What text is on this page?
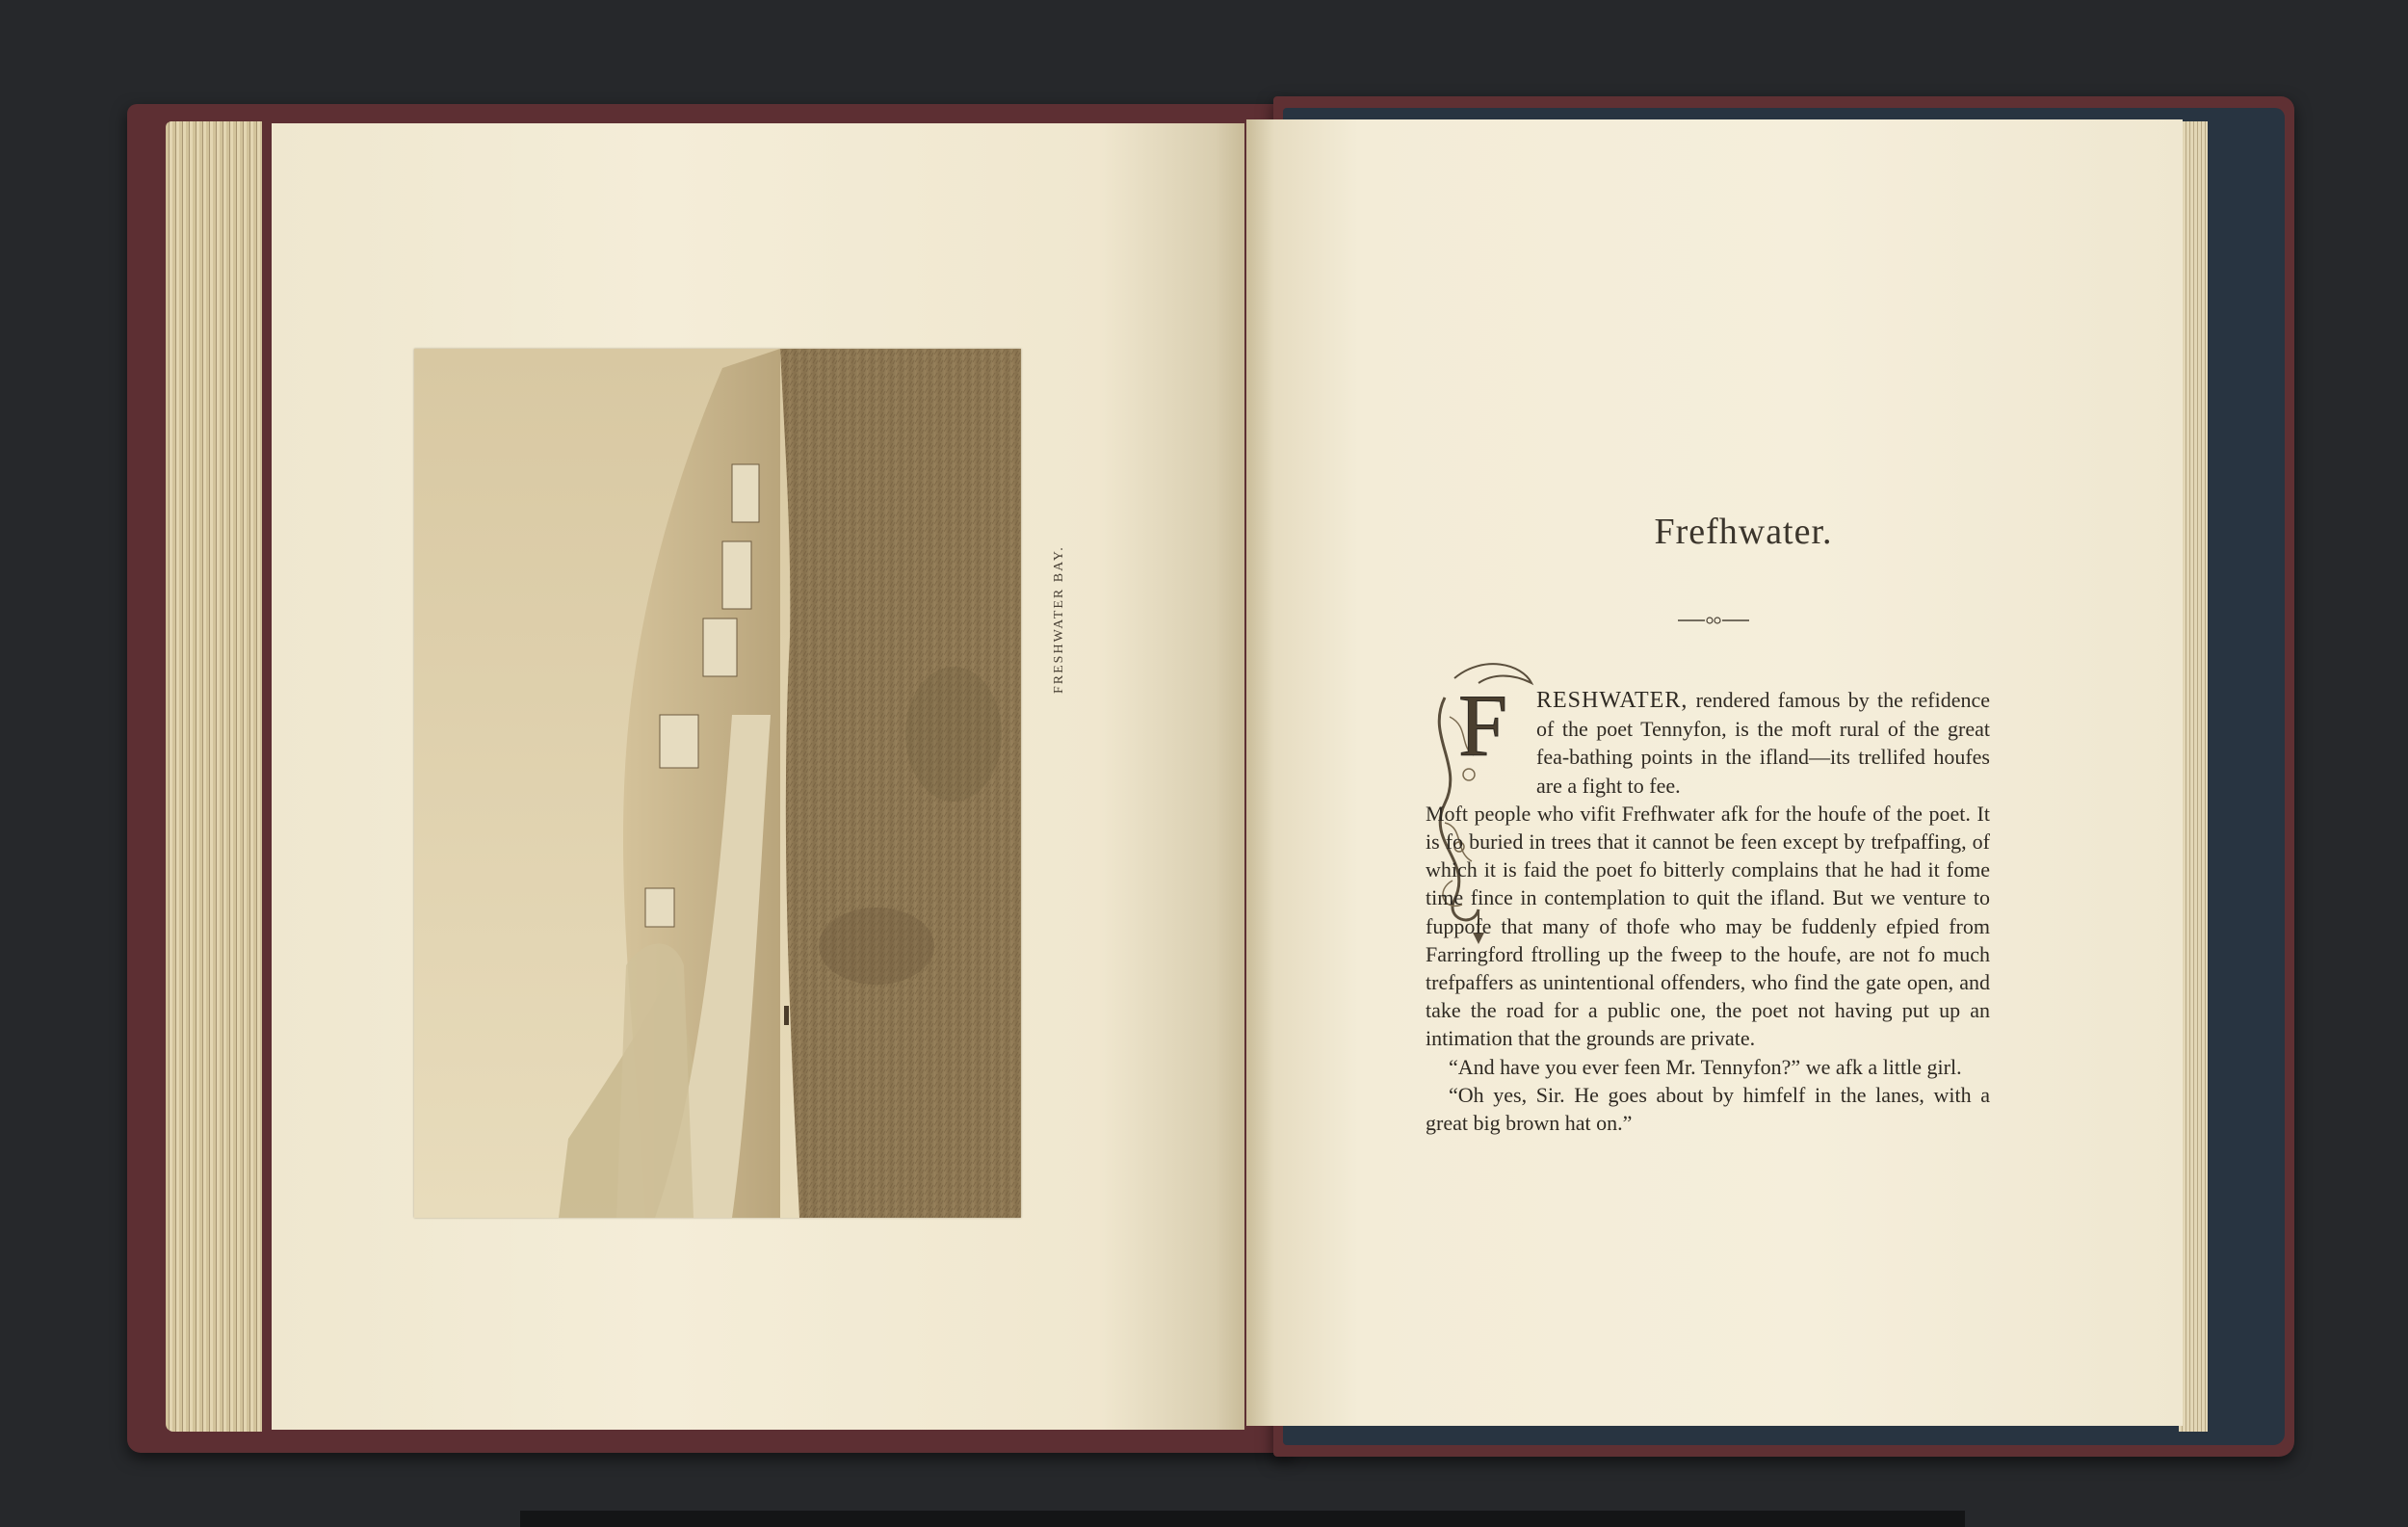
FRESHWATER BAY.
Frefhwater.
F	RESHWATER, rendered famous by the refidence of the poet Tennyfon, is the moft rural of the great fea-bathing points in the ifland—its trellifed houfes are a fight to fee.

Moft people who vifit Frefhwater afk for the houfe of the poet. It is fo buried in trees that it cannot be feen except by trefpaffing, of which it is faid the poet fo bitterly complains that he had it fome time fince in contemplation to quit the ifland. But we venture to fuppofe that many of thofe who may be fuddenly efpied from Farringford ftrolling up the fweep to the houfe, are not fo much trefpaffers as unintentional offenders, who find the gate open, and take the road for a public one, the poet not having put up an intimation that the grounds are private.

“And have you ever feen Mr. Tennyfon?” we afk a little girl.

“Oh yes, Sir. He goes about by himfelf in the lanes, with a great big brown hat on.”
